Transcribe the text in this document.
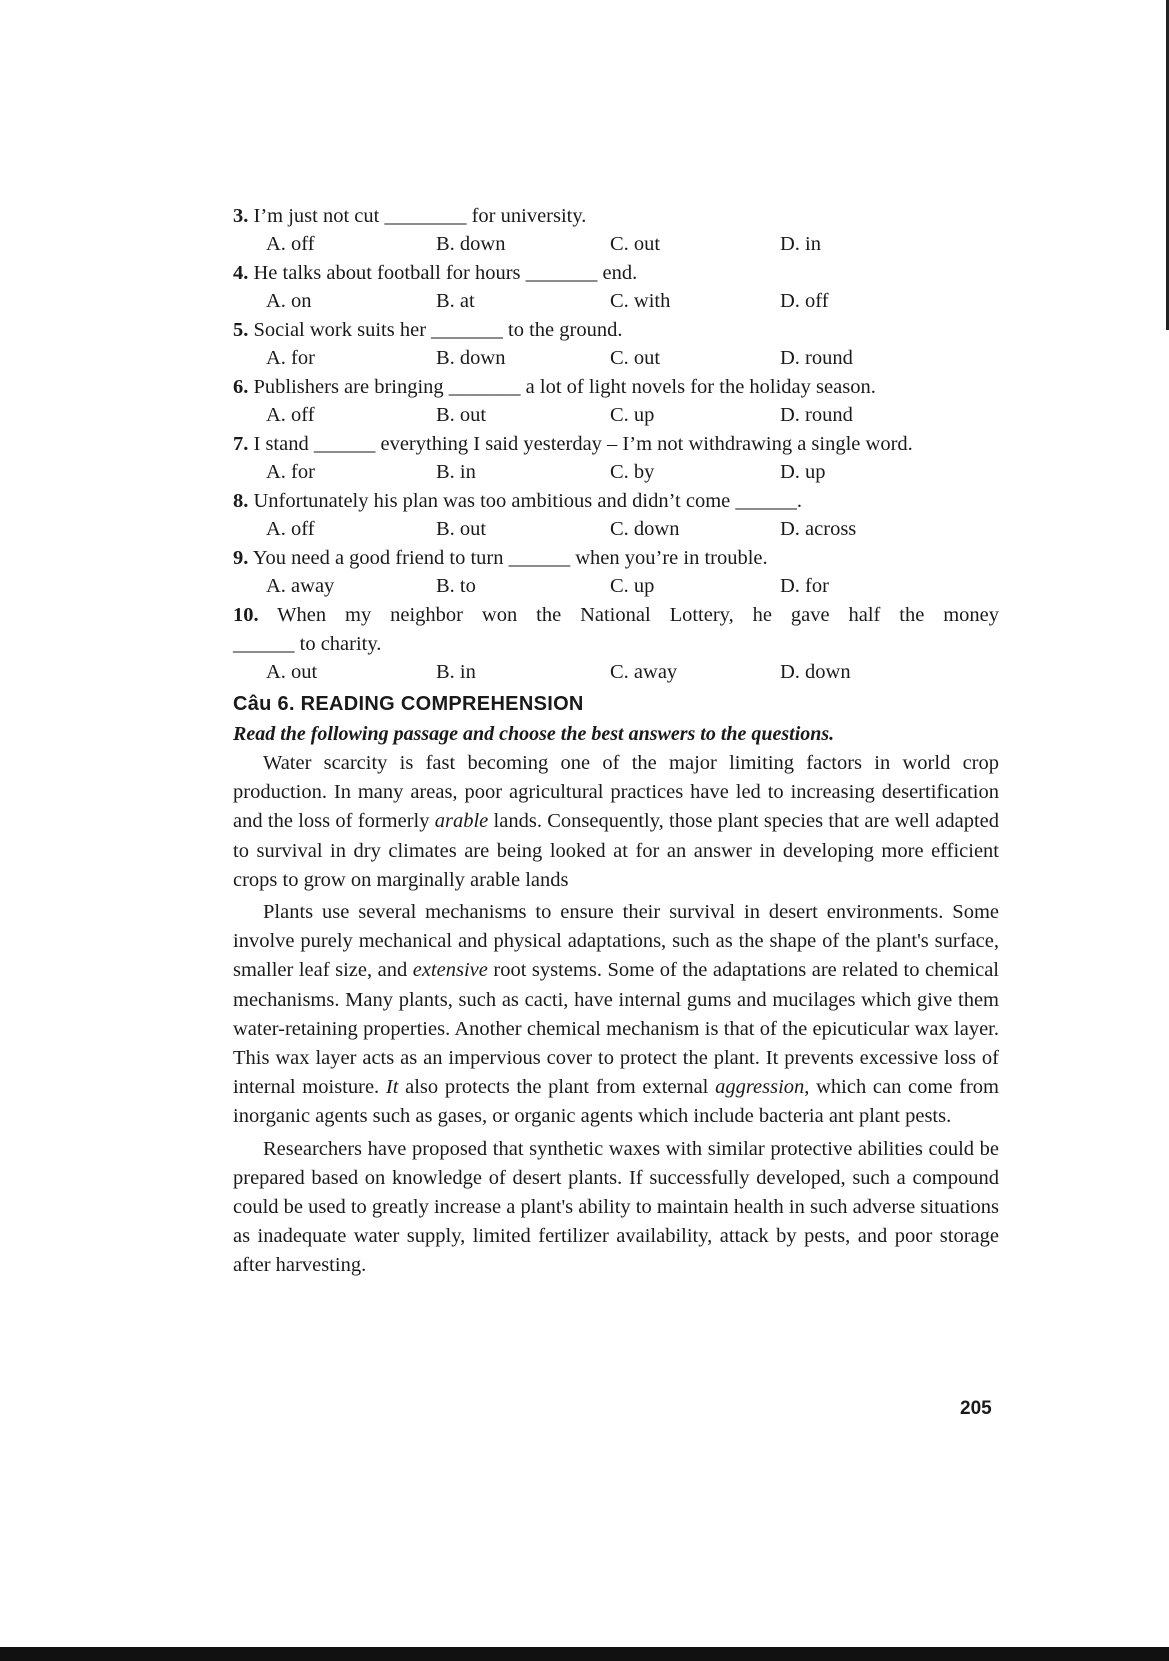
3. I’m just not cut ________ for university.
A. off	B. down	C. out	D. in
4. He talks about football for hours _______ end.
A. on	B. at	C. with	D. off
5. Social work suits her _______ to the ground.
A. for	B. down	C. out	D. round
6. Publishers are bringing _______ a lot of light novels for the holiday season.
A. off	B. out	C. up	D. round
7. I stand ______ everything I said yesterday – I’m not withdrawing a single word.
A. for	B. in	C. by	D. up
8. Unfortunately his plan was too ambitious and didn’t come ______.
A. off	B. out	C. down	D. across
9. You need a good friend to turn ______ when you’re in trouble.
A. away	B. to	C. up	D. for
10. When my neighbor won the National Lottery, he gave half the money
______ to charity.
A. out	B. in	C. away	D. down
Câu 6. READING COMPREHENSION
Read the following passage and choose the best answers to the questions.

Water scarcity is fast becoming one of the major limiting factors in world crop production. In many areas, poor agricultural practices have led to increasing desertification and the loss of formerly arable lands. Consequently, those plant species that are well adapted to survival in dry climates are being looked at for an answer in developing more efficient crops to grow on marginally arable lands

Plants use several mechanisms to ensure their survival in desert environments. Some involve purely mechanical and physical adaptations, such as the shape of the plant's surface, smaller leaf size, and extensive root systems. Some of the adaptations are related to chemical mechanisms. Many plants, such as cacti, have internal gums and mucilages which give them water-retaining properties. Another chemical mechanism is that of the epicuticular wax layer. This wax layer acts as an impervious cover to protect the plant. It prevents excessive loss of internal moisture. It also protects the plant from external aggression, which can come from inorganic agents such as gases, or organic agents which include bacteria ant plant pests.

Researchers have proposed that synthetic waxes with similar protective abilities could be prepared based on knowledge of desert plants. If successfully developed, such a compound could be used to greatly increase a plant's ability to maintain health in such adverse situations as inadequate water supply, limited fertilizer availability, attack by pests, and poor storage after harvesting.

205
